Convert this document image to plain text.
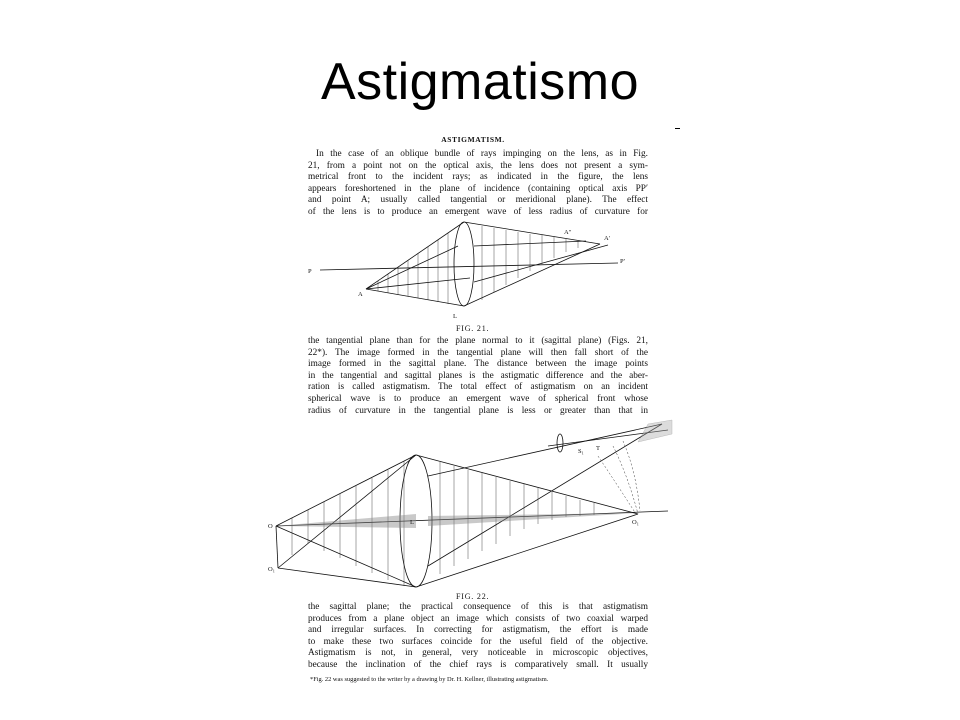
Astigmatismo
ASTIGMATISM.
In the case of an oblique bundle of rays impinging on the lens, as in Fig.
21, from a point not on the optical axis, the lens does not present a sym-
metrical front to the incident rays; as indicated in the figure, the lens
appears foreshortened in the plane of incidence (containing optical axis PP′
and point A; usually called tangential or meridional plane). The effect
of the lens is to produce an emergent wave of less radius of curvature for
P
P′
A
A″
A′
L
FIG. 21.
the tangential plane than for the plane normal to it (sagittal plane) (Figs. 21,
22*). The image formed in the tangential plane will then fall short of the
image formed in the sagittal plane. The distance between the image points
in the tangential and sagittal planes is the astigmatic difference and the aber-
ration is called astigmatism. The total effect of astigmatism on an incident
spherical wave is to produce an emergent wave of spherical front whose
radius of curvature in the tangential plane is less or greater than that in
O
O₁
L	O₁
S₁ T
FIG. 22.
the sagittal plane; the practical consequence of this is that astigmatism
produces from a plane object an image which consists of two coaxial warped
and irregular surfaces. In correcting for astigmatism, the effort is made
to make these two surfaces coincide for the useful field of the objective.
Astigmatism is not, in general, very noticeable in microscopic objectives,
because the inclination of the chief rays is comparatively small. It usually
*Fig. 22 was suggested to the writer by a drawing by Dr. H. Kellner, illustrating astigmatism.
